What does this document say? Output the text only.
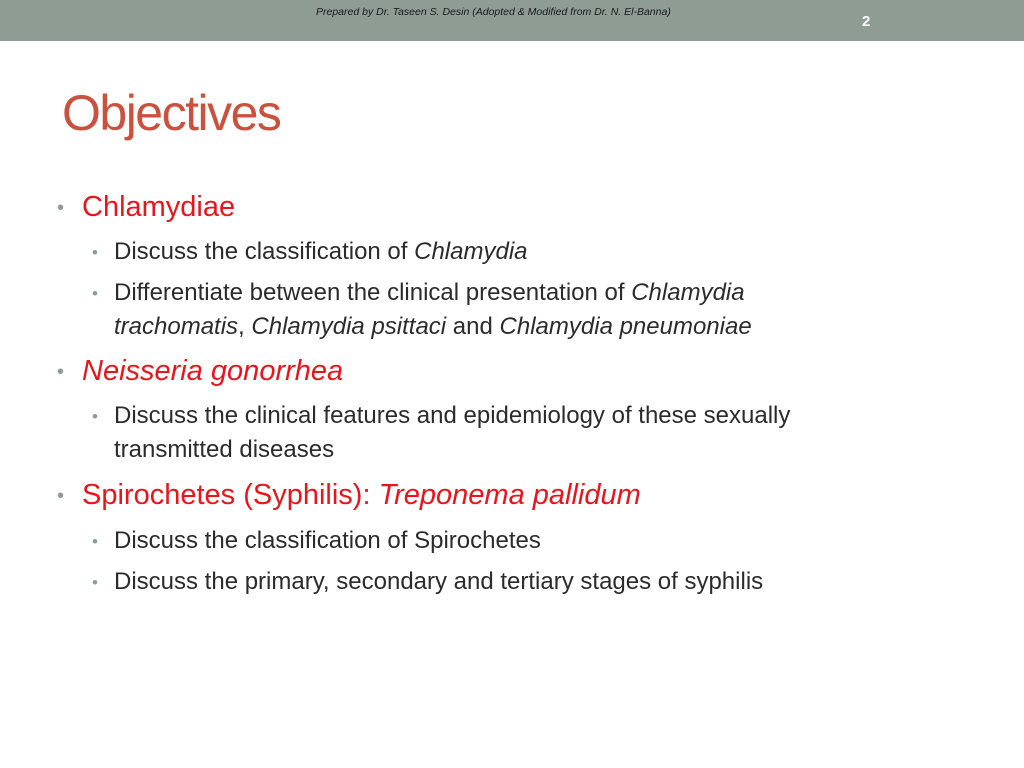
Prepared by Dr. Taseen S. Desin (Adopted & Modified from Dr. N. El-Banna)
2
Objectives
• Chlamydiae
• Discuss the classification of Chlamydia
• Differentiate between the clinical presentation of Chlamydia
trachomatis, Chlamydia psittaci and Chlamydia pneumoniae
• Neisseria gonorrhea
• Discuss the clinical features and epidemiology of these sexually
transmitted diseases
• Spirochetes (Syphilis): Treponema pallidum
• Discuss the classification of Spirochetes
• Discuss the primary, secondary and tertiary stages of syphilis
